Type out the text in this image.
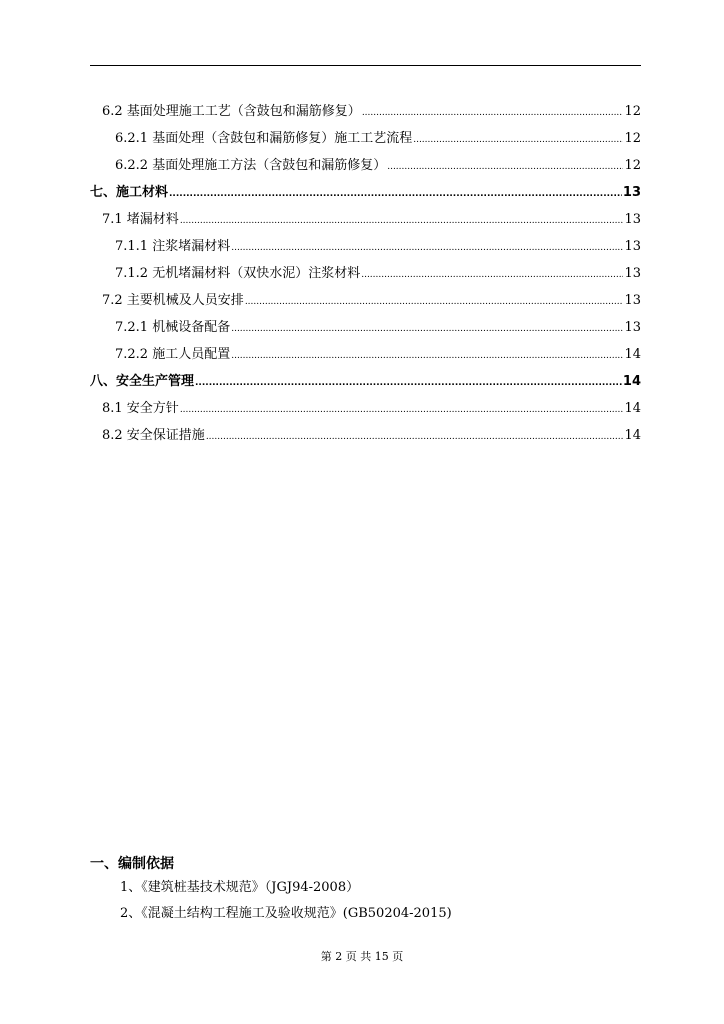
6.2 基面处理施工工艺（含鼓包和漏筋修复） .....	12
6.2.1 基面处理（含鼓包和漏筋修复）施工工艺流程 .....	12
6.2.2 基面处理施工方法（含鼓包和漏筋修复） .....	12
七、施工材料 .....	13
7.1 堵漏材料 .....	13
7.1.1 注浆堵漏材料 .....	13
7.1.2 无机堵漏材料（双快水泥）注浆材料 .....	13
7.2 主要机械及人员安排 .....	13
7.2.1 机械设备配备 .....	13
7.2.2 施工人员配置 .....	14
八、安全生产管理 .....	14
8.1 安全方针 .....	14
8.2 安全保证措施 .....	14
一、编制依据
1、《建筑桩基技术规范》（JGJ94-2008）
2、《混凝土结构工程施工及验收规范》(GB50204-2015)
第 2 页 共 15 页
